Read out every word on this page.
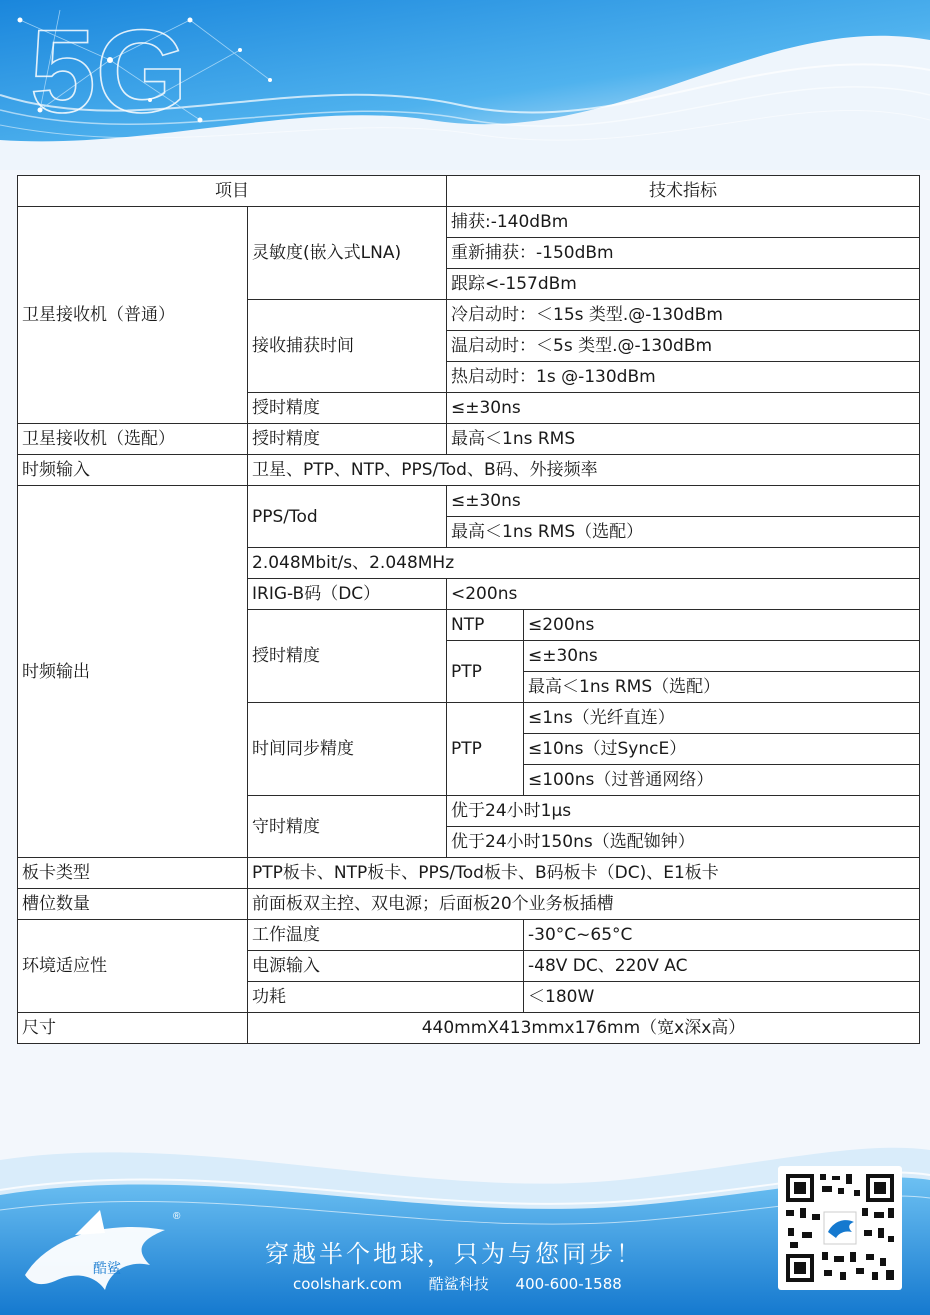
5G
项目		技术指标	
卫星接收机（普通）	灵敏度(嵌入式LNA)	捕获:-140dBm	
		重新捕获：-150dBm	
		跟踪<-157dBm	
	接收捕获时间	冷启动时：＜15s 类型.@-130dBm	
		温启动时：＜5s 类型.@-130dBm	
		热启动时：1s @-130dBm	
	授时精度	≤±30ns	
卫星接收机（选配）	授时精度	最高＜1ns RMS	
时频输入	卫星、PTP、NTP、PPS/Tod、B码、外接频率		
时频输出	PPS/Tod	≤±30ns	
		最高＜1ns RMS（选配）	
	2.048Mbit/s、2.048MHz		
	IRIG-B码（DC）	<200ns	
	授时精度	NTP	≤200ns
		PTP	≤±30ns
			最高＜1ns RMS（选配）
	时间同步精度	PTP	≤1ns（光纤直连）
			≤10ns（过SyncE）
			≤100ns（过普通网络）
	守时精度	优于24小时1µs	
		优于24小时150ns（选配铷钟）	
板卡类型	PTP板卡、NTP板卡、PPS/Tod板卡、B码板卡（DC)、E1板卡		
槽位数量	前面板双主控、双电源；后面板20个业务板插槽		
环境适应性	工作温度		-30°C~65°C
	电源输入		-48V DC、220V AC
	功耗		＜180W
尺寸	440mmX413mmx176mm（宽x深x高）		
酷鲨
®
穿越半个地球，只为与您同步！
coolshark.com 酷鲨科技 400-600-1588
